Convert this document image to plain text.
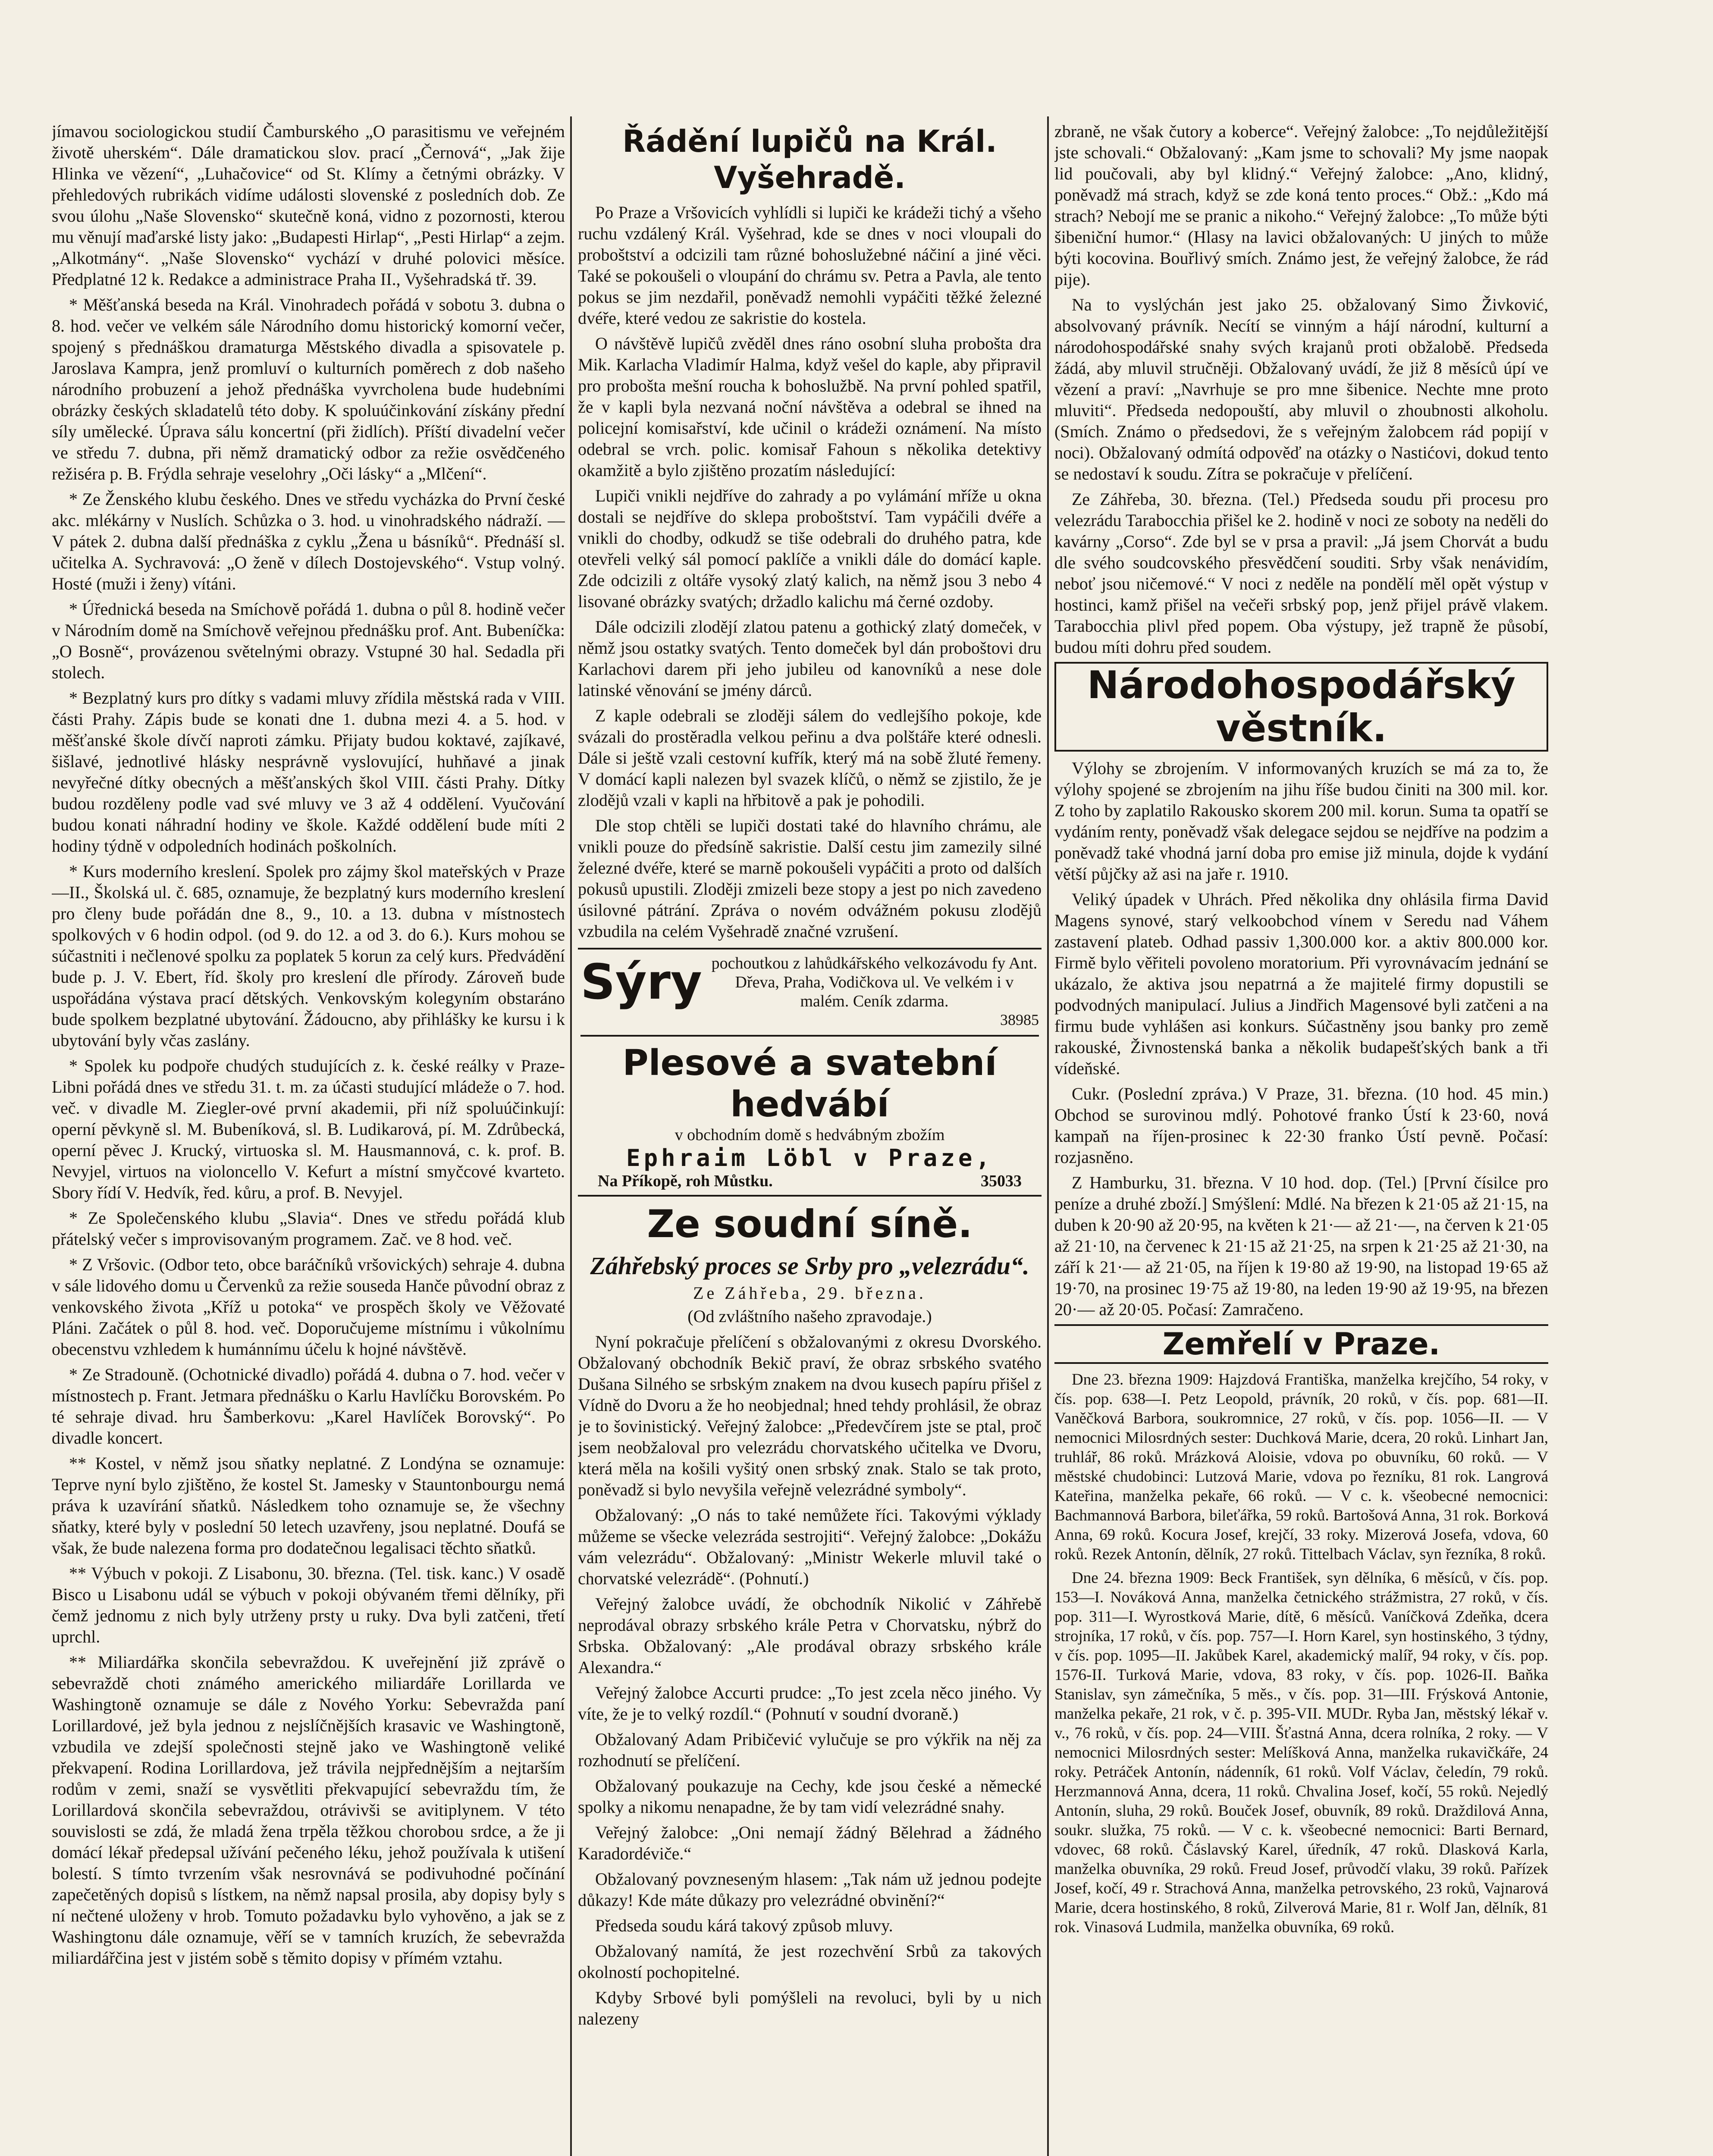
jímavou sociologickou studií Čamburského „O parasitismu ve veřejném životě uherském“. Dále dramatickou slov. prací „Černová“, „Jak žije Hlinka ve vězení“, „Luhačovice“ od St. Klímy a četnými obrázky. V přehledových rubrikách vidíme události slovenské z posledních dob. Ze svou úlohu „Naše Slovensko“ skutečně koná, vidno z pozornosti, kterou mu věnují maďarské listy jako: „Budapesti Hirlap“, „Pesti Hirlap“ a zejm. „Alkotmány“. „Naše Slovensko“ vychází v druhé polovici měsíce. Předplatné 12 k. Redakce a administrace Praha II., Vyšehradská tř. 39.

* Měšťanská beseda na Král. Vinohradech pořádá v sobotu 3. dubna o 8. hod. večer ve velkém sále Národního domu historický komorní večer, spojený s přednáškou dramaturga Městského divadla a spisovatele p. Jaroslava Kampra, jenž promluví o kulturních poměrech z dob našeho národního probuzení a jehož přednáška vyvrcholena bude hudebními obrázky českých skladatelů této doby. K spoluúčinkování získány přední síly umělecké. Úprava sálu koncertní (při židlích). Příští divadelní večer ve středu 7. dubna, při němž dramatický odbor za režie osvědčeného režiséra p. B. Frýdla sehraje veselohry „Oči lásky“ a „Mlčení“.

* Ze Ženského klubu českého. Dnes ve středu vycházka do První české akc. mlékárny v Nuslích. Schůzka o 3. hod. u vinohradského nádraží. — V pátek 2. dubna další přednáška z cyklu „Žena u básníků“. Přednáší sl. učitelka A. Sychravová: „O ženě v dílech Dostojevského“. Vstup volný. Hosté (muži i ženy) vítáni.

* Úřednická beseda na Smíchově pořádá 1. dubna o půl 8. hodině večer v Národním domě na Smíchově veřejnou přednášku prof. Ant. Bubeníčka: „O Bosně“, provázenou světelnými obrazy. Vstupné 30 hal. Sedadla při stolech.

* Bezplatný kurs pro dítky s vadami mluvy zřídila městská rada v VIII. části Prahy. Zápis bude se konati dne 1. dubna mezi 4. a 5. hod. v měšťanské škole dívčí naproti zámku. Přijaty budou koktavé, zajíkavé, šišlavé, jednotlivé hlásky nesprávně vyslovující, huhňavé a jinak nevyřečné dítky obecných a měšťanských škol VIII. části Prahy. Dítky budou rozděleny podle vad své mluvy ve 3 až 4 oddělení. Vyučování budou konati náhradní hodiny ve škole. Každé oddělení bude míti 2 hodiny týdně v odpoledních hodinách poškolních.

* Kurs moderního kreslení. Spolek pro zájmy škol mateřských v Praze—II., Školská ul. č. 685, oznamuje, že bezplatný kurs moderního kreslení pro členy bude pořádán dne 8., 9., 10. a 13. dubna v místnostech spolkových v 6 hodin odpol. (od 9. do 12. a od 3. do 6.). Kurs mohou se súčastniti i nečlenové spolku za poplatek 5 korun za celý kurs. Předvádění bude p. J. V. Ebert, říd. školy pro kreslení dle přírody. Zároveň bude uspořádána výstava prací dětských. Venkovským kolegyním obstaráno bude spolkem bezplatné ubytování. Žádoucno, aby přihlášky ke kursu i k ubytování byly včas zaslány.

* Spolek ku podpoře chudých studujících z. k. české reálky v Praze-Libni pořádá dnes ve středu 31. t. m. za účasti studující mládeže o 7. hod. več. v divadle M. Ziegler-ové první akademii, při níž spoluúčinkují: operní pěvkyně sl. M. Bubeníková, sl. B. Ludikarová, pí. M. Zdrůbecká, operní pěvec J. Krucký, virtuoska sl. M. Hausmannová, c. k. prof. B. Nevyjel, virtuos na violoncello V. Kefurt a místní smyčcové kvarteto. Sbory řídí V. Hedvík, řed. kůru, a prof. B. Nevyjel.

* Ze Společenského klubu „Slavia“. Dnes ve středu pořádá klub přátelský večer s improvisovaným programem. Zač. ve 8 hod. več.

* Z Vršovic. (Odbor teto, obce baráčníků vršovických) sehraje 4. dubna v sále lidového domu u Červenků za režie souseda Hanče původní obraz z venkovského života „Kříž u potoka“ ve prospěch školy ve Věžovaté Pláni. Začátek o půl 8. hod. več. Doporučujeme místnímu i vůkolnímu obecenstvu vzhledem k humánnímu účelu k hojné návštěvě.

* Ze Stradouně. (Ochotnické divadlo) pořádá 4. dubna o 7. hod. večer v místnostech p. Frant. Jetmara přednášku o Karlu Havlíčku Borovském. Po té sehraje divad. hru Šamberkovu: „Karel Havlíček Borovský“. Po divadle koncert.

** Kostel, v němž jsou sňatky neplatné. Z Londýna se oznamuje: Teprve nyní bylo zjištěno, že kostel St. Jamesky v Stauntonbourgu nemá práva k uzavírání sňatků. Následkem toho oznamuje se, že všechny sňatky, které byly v poslední 50 letech uzavřeny, jsou neplatné. Doufá se však, že bude nalezena forma pro dodatečnou legalisaci těchto sňatků.

** Výbuch v pokoji. Z Lisabonu, 30. března. (Tel. tisk. kanc.) V osadě Bisco u Lisabonu udál se výbuch v pokoji obývaném třemi dělníky, při čemž jednomu z nich byly utrženy prsty u ruky. Dva byli zatčeni, třetí uprchl.

** Miliardářka skončila sebevraždou. K uveřejnění již zprávě o sebevraždě choti známého amerického miliardáře Lorillarda ve Washingtoně oznamuje se dále z Nového Yorku: Sebevražda paní Lorillardové, jež byla jednou z nejslíčnějších krasavic ve Washingtoně, vzbudila ve zdejší společnosti stejně jako ve Washingtoně veliké překvapení. Rodina Lorillardova, jež trávila nejpřednějším a nejtarším rodům v zemi, snaží se vysvětliti překvapující sebevraždu tím, že Lorillardová skončila sebevraždou, otrávivši se avitiplynem. V této souvislosti se zdá, že mladá žena trpěla těžkou chorobou srdce, a že ji domácí lékař předepsal užívání pečeného léku, jehož používala k utišení bolestí. S tímto tvrzením však nesrovnává se podivuhodné počínání zapečetěných dopisů s lístkem, na němž napsal prosila, aby dopisy byly s ní nečtené uloženy v hrob. Tomuto požadavku bylo vyhověno, a jak se z Washingtonu dále oznamuje, věří se v tamních kruzích, že sebevražda miliardářčina jest v jistém sobě s těmito dopisy v přímém vztahu.

Řádění lupičů na Král. Vyšehradě.

Po Praze a Vršovicích vyhlídli si lupiči ke krádeži tichý a všeho ruchu vzdálený Král. Vyšehrad, kde se dnes v noci vloupali do proboštství a odcizili tam různé bohoslužebné náčiní a jiné věci. Také se pokoušeli o vloupání do chrámu sv. Petra a Pavla, ale tento pokus se jim nezdařil, poněvadž nemohli vypáčiti těžké železné dvéře, které vedou ze sakristie do kostela.

O návštěvě lupičů zvěděl dnes ráno osobní sluha probošta dra Mik. Karlacha Vladimír Halma, když vešel do kaple, aby připravil pro probošta mešní roucha k bohoslužbě. Na první pohled spatřil, že v kapli byla nezvaná noční návštěva a odebral se ihned na policejní komisařství, kde učinil o krádeži oznámení. Na místo odebral se vrch. polic. komisař Fahoun s několika detektivy okamžitě a bylo zjištěno prozatím následující:

Lupiči vnikli nejdříve do zahrady a po vylámání mříže u okna dostali se nejdříve do sklepa proboštství. Tam vypáčili dvéře a vnikli do chodby, odkudž se tiše odebrali do druhého patra, kde otevřeli velký sál pomocí paklíče a vnikli dále do domácí kaple. Zde odcizili z oltáře vysoký zlatý kalich, na němž jsou 3 nebo 4 lisované obrázky svatých; držadlo kalichu má černé ozdoby.

Dále odcizili zlodějí zlatou patenu a gothický zlatý domeček, v němž jsou ostatky svatých. Tento domeček byl dán proboštovi dru Karlachovi darem při jeho jubileu od kanovníků a nese dole latinské věnování se jmény dárců.

Z kaple odebrali se zloději sálem do vedlejšího pokoje, kde svázali do prostěradla velkou peřinu a dva polštáře které odnesli. Dále si ještě vzali cestovní kufřík, který má na sobě žluté řemeny. V domácí kapli nalezen byl svazek klíčů, o němž se zjistilo, že je zlodějů vzali v kapli na hřbitově a pak je pohodili.

Dle stop chtěli se lupiči dostati také do hlavního chrámu, ale vnikli pouze do předsíně sakristie. Další cestu jim zamezily silné železné dvéře, které se marně pokoušeli vypáčiti a proto od dalších pokusů upustili. Zloději zmizeli beze stopy a jest po nich zavedeno úsilovné pátrání. Zpráva o novém odvážném pokusu zlodějů vzbudila na celém Vyšehradě značné vzrušení.

Sýry pochoutkou z lahůdkářského velkozávodu fy Ant. Dřeva, Praha, Vodičkova ul. Ve velkém i v malém. Ceník zdarma.
38985
Plesové a svatební hedvábí
v obchodním domě s hedvábným zbožím
Ephraim Löbl v Praze,
Na Příkopě, roh Můstku.	35033
Ze soudní síně.
Záhřebský proces se Srby pro „velezrádu“.
Ze Záhřeba, 29. března.
(Od zvláštního našeho zpravodaje.)

Nyní pokračuje přelíčení s obžalovanými z okresu Dvorského. Obžalovaný obchodník Bekič praví, že obraz srbského svatého Dušana Silného se srbským znakem na dvou kusech papíru přišel z Vídně do Dvoru a že ho neobjednal; hned tehdy prohlásil, že obraz je to šovinistický. Veřejný žalobce: „Předevčírem jste se ptal, proč jsem neobžaloval pro velezrádu chorvatského učitelka ve Dvoru, která měla na košili vyšitý onen srbský znak. Stalo se tak proto, poněvadž si bylo nevyšila veřejně velezrádné symboly“.

Obžalovaný: „O nás to také nemůžete říci. Takovými výklady můžeme se všecke velezráda sestrojiti“. Veřejný žalobce: „Dokážu vám velezrádu“. Obžalovaný: „Ministr Wekerle mluvil také o chorvatské velezrádě“. (Pohnutí.)

Veřejný žalobce uvádí, že obchodník Nikolić v Záhřebě neprodával obrazy srbského krále Petra v Chorvatsku, nýbrž do Srbska. Obžalovaný: „Ale prodával obrazy srbského krále Alexandra.“

Veřejný žalobce Accurti prudce: „To jest zcela něco jiného. Vy víte, že je to velký rozdíl.“ (Pohnutí v soudní dvoraně.)

Obžalovaný Adam Pribičević vylučuje se pro výkřik na něj za rozhodnutí se přelíčení.

Obžalovaný poukazuje na Cechy, kde jsou české a německé spolky a nikomu nenapadne, že by tam vidí velezrádné snahy.

Veřejný žalobce: „Oni nemají žádný Bělehrad a žádného Karadordéviče.“

Obžalovaný povzneseným hlasem: „Tak nám už jednou podejte důkazy! Kde máte důkazy pro velezrádné obvinění?“

Předseda soudu kárá takový způsob mluvy.

Obžalovaný namítá, že jest rozechvění Srbů za takových okolností pochopitelné.

Kdyby Srbové byli pomýšleli na revoluci, byli by u nich nalezeny

zbraně, ne však čutory a koberce“. Veřejný žalobce: „To nejdůležitější jste schovali.“ Obžalovaný: „Kam jsme to schovali? My jsme naopak lid poučovali, aby byl klidný.“ Veřejný žalobce: „Ano, klidný, poněvadž má strach, když se zde koná tento proces.“ Obž.: „Kdo má strach? Nebojí me se pranic a nikoho.“ Veřejný žalobce: „To může býti šibeniční humor.“ (Hlasy na lavici obžalovaných: U jiných to může býti kocovina. Bouřlivý smích. Známo jest, že veřejný žalobce, že rád pije).

Na to vyslýchán jest jako 25. obžalovaný Simo Živković, absolvovaný právník. Necítí se vinným a hájí národní, kulturní a národohospodářské snahy svých krajanů proti obžalobě. Předseda žádá, aby mluvil stručněji. Obžalovaný uvádí, že již 8 měsíců úpí ve vězení a praví: „Navrhuje se pro mne šibenice. Nechte mne proto mluviti“. Předseda nedopouští, aby mluvil o zhoubnosti alkoholu. (Smích. Známo o předsedovi, že s veřejným žalobcem rád popijí v noci). Obžalovaný odmítá odpověď na otázky o Nastićovi, dokud tento se nedostaví k soudu. Zítra se pokračuje v přelíčení.

Ze Záhřeba, 30. března. (Tel.) Předseda soudu při procesu pro velezrádu Tarabocchia přišel ke 2. hodině v noci ze soboty na neděli do kavárny „Corso“. Zde byl se v prsa a pravil: „Já jsem Chorvát a budu dle svého soudcovského přesvědčení souditi. Srby však nenávidím, neboť jsou ničemové.“ V noci z neděle na pondělí měl opět výstup v hostinci, kamž přišel na večeři srbský pop, jenž přijel právě vlakem. Tarabocchia plivl před popem. Oba výstupy, jež trapně že působí, budou míti dohru před soudem.

Národohospodářský věstník.

Výlohy se zbrojením. V informovaných kruzích se má za to, že výlohy spojené se zbrojením na jihu říše budou činiti na 300 mil. kor. Z toho by zaplatilo Rakousko skorem 200 mil. korun. Suma ta opatří se vydáním renty, poněvadž však delegace sejdou se nejdříve na podzim a poněvadž také vhodná jarní doba pro emise již minula, dojde k vydání větší půjčky až asi na jaře r. 1910.

Veliký úpadek v Uhrách. Před několika dny ohlásila firma David Magens synové, starý velkoobchod vínem v Seredu nad Váhem zastavení plateb. Odhad passiv 1,300.000 kor. a aktiv 800.000 kor. Firmě bylo věřiteli povoleno moratorium. Při vyrovnávacím jednání se ukázalo, že aktiva jsou nepatrná a že majitelé firmy dopustili se podvodných manipulací. Julius a Jindřich Magensové byli zatčeni a na firmu bude vyhlášen asi konkurs. Súčastněny jsou banky pro země rakouské, Živnostenská banka a několik budapešťských bank a tři vídeňské.

Cukr. (Poslední zpráva.) V Praze, 31. března. (10 hod. 45 min.) Obchod se surovinou mdlý. Pohotové franko Ústí k 23·60, nová kampaň na říjen-prosinec k 22·30 franko Ústí pevně. Počasí: rozjasněno.

Z Hamburku, 31. března. V 10 hod. dop. (Tel.) [První čísilce pro peníze a druhé zboží.] Smýšlení: Mdlé. Na březen k 21·05 až 21·15, na duben k 20·90 až 20·95, na květen k 21·— až 21·—, na červen k 21·05 až 21·10, na červenec k 21·15 až 21·25, na srpen k 21·25 až 21·30, na září k 21·— až 21·05, na říjen k 19·80 až 19·90, na listopad 19·65 až 19·70, na prosinec 19·75 až 19·80, na leden 19·90 až 19·95, na březen 20·— až 20·05. Počasí: Zamračeno.

Zemřelí v Praze.

Dne 23. března 1909: Hajzdová Františka, manželka krejčího, 54 roky, v čís. pop. 638—I. Petz Leopold, právník, 20 roků, v čís. pop. 681—II. Vaněčková Barbora, soukromnice, 27 roků, v čís. pop. 1056—II. — V nemocnici Milosrdných sester: Duchková Marie, dcera, 20 roků. Linhart Jan, truhlář, 86 roků. Mrázková Aloisie, vdova po obuvníku, 60 roků. — V městské chudobinci: Lutzová Marie, vdova po řezníku, 81 rok. Langrová Kateřina, manželka pekaře, 66 roků. — V c. k. všeobecné nemocnici: Bachmannová Barbora, bileťářka, 59 roků. Bartošová Anna, 31 rok. Borková Anna, 69 roků. Kocura Josef, krejčí, 33 roky. Mizerová Josefa, vdova, 60 roků. Rezek Antonín, dělník, 27 roků. Tittelbach Václav, syn řezníka, 8 roků.

Dne 24. března 1909: Beck František, syn dělníka, 6 měsíců, v čís. pop. 153—I. Nováková Anna, manželka četnického strážmistra, 27 roků, v čís. pop. 311—I. Wyrostková Marie, dítě, 6 měsíců. Vaníčková Zdeňka, dcera strojníka, 17 roků, v čís. pop. 757—I. Horn Karel, syn hostinského, 3 týdny, v čís. pop. 1095—II. Jakůbek Karel, akademický malíř, 94 roky, v čís. pop. 1576-II. Turková Marie, vdova, 83 roky, v čís. pop. 1026-II. Baňka Stanislav, syn zámečníka, 5 měs., v čís. pop. 31—III. Frýsková Antonie, manželka pekaře, 21 rok, v č. p. 395-VII. MUDr. Ryba Jan, městský lékař v. v., 76 roků, v čís. pop. 24—VIII. Šťastná Anna, dcera rolníka, 2 roky. — V nemocnici Milosrdných sester: Melíšková Anna, manželka rukavičkáře, 24 roky. Petráček Antonín, nádenník, 61 roků. Volf Václav, čeledín, 79 roků. Herzmannová Anna, dcera, 11 roků. Chvalina Josef, kočí, 55 roků. Nejedlý Antonín, sluha, 29 roků. Bouček Josef, obuvník, 89 roků. Draždilová Anna, soukr. služka, 75 roků. — V c. k. všeobecné nemocnici: Barti Bernard, vdovec, 68 roků. Čáslavský Karel, úředník, 47 roků. Dlasková Karla, manželka obuvníka, 29 roků. Freud Josef, průvodčí vlaku, 39 roků. Pařízek Josef, kočí, 49 r. Strachová Anna, manželka petrovského, 23 roků, Vajnarová Marie, dcera hostinského, 8 roků, Zilverová Marie, 81 r. Wolf Jan, dělník, 81 rok. Vinasová Ludmila, manželka obuvníka, 69 roků.
